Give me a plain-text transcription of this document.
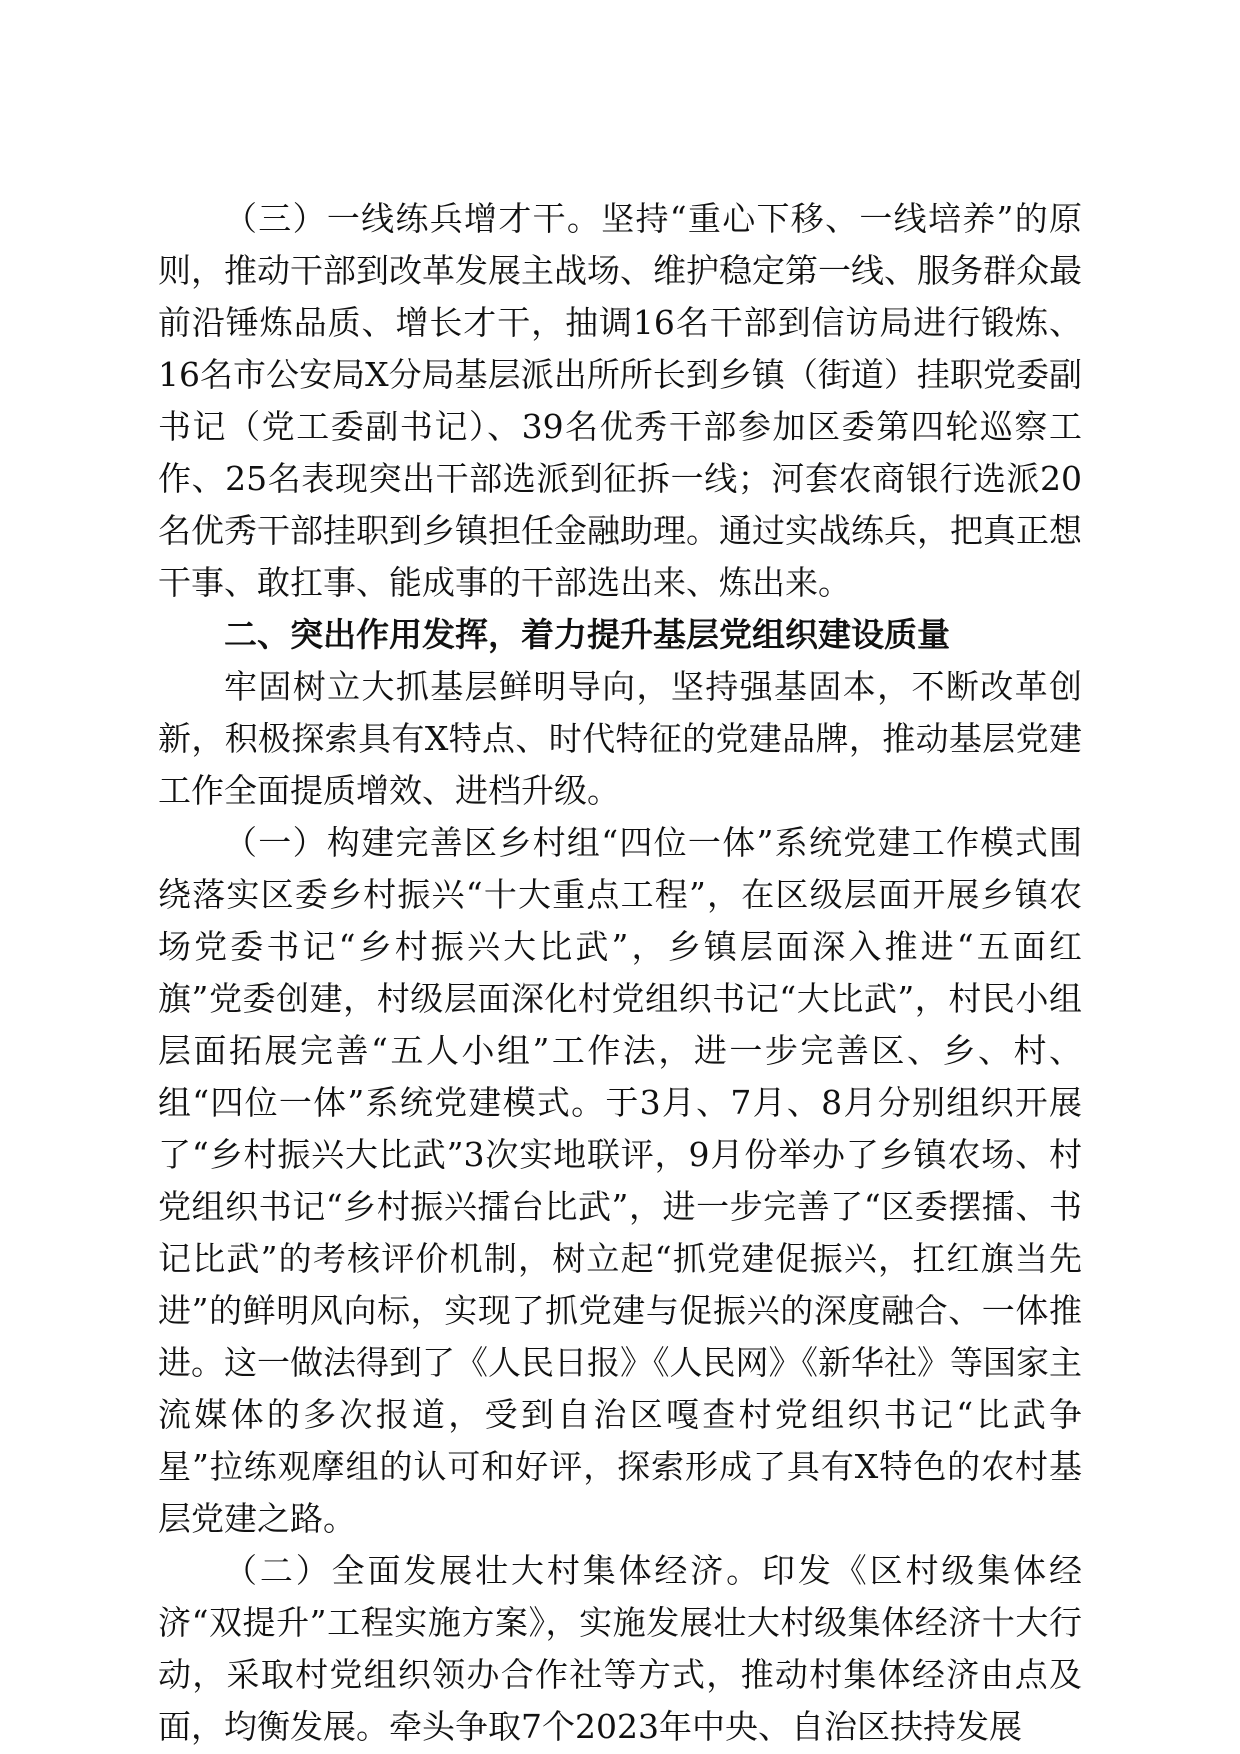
（三）一线练兵增才干。坚持“重心下移、一线培养”的原则，推动干部到改革发展主战场、维护稳定第一线、服务群众最前沿锤炼品质、增长才干，抽调16名干部到信访局进行锻炼、16名市公安局X分局基层派出所所长到乡镇（街道）挂职党委副书记（党工委副书记）、39名优秀干部参加区委第四轮巡察工作、25名表现突出干部选派到征拆一线；河套农商银行选派20名优秀干部挂职到乡镇担任金融助理。通过实战练兵，把真正想干事、敢扛事、能成事的干部选出来、炼出来。

二、突出作用发挥，着力提升基层党组织建设质量

牢固树立大抓基层鲜明导向，坚持强基固本，不断改革创新，积极探索具有X特点、时代特征的党建品牌，推动基层党建工作全面提质增效、进档升级。

（一）构建完善区乡村组“四位一体”系统党建工作模式围绕落实区委乡村振兴“十大重点工程”，在区级层面开展乡镇农场党委书记“乡村振兴大比武”，乡镇层面深入推进“五面红旗”党委创建，村级层面深化村党组织书记“大比武”，村民小组层面拓展完善“五人小组”工作法，进一步完善区、乡、村、组“四位一体”系统党建模式。于3月、7月、8月分别组织开展了“乡村振兴大比武”3次实地联评，9月份举办了乡镇农场、村党组织书记“乡村振兴擂台比武”，进一步完善了“区委摆擂、书记比武”的考核评价机制，树立起“抓党建促振兴，扛红旗当先进”的鲜明风向标，实现了抓党建与促振兴的深度融合、一体推进。这一做法得到了《人民日报》《人民网》《新华社》等国家主流媒体的多次报道，受到自治区嘎查村党组织书记“比武争星”拉练观摩组的认可和好评，探索形成了具有X特色的农村基层党建之路。

（二）全面发展壮大村集体经济。印发《区村级集体经济“双提升”工程实施方案》，实施发展壮大村级集体经济十大行动，采取村党组织领办合作社等方式，推动村集体经济由点及面，均衡发展。牵头争取7个2023年中央、自治区扶持发展
